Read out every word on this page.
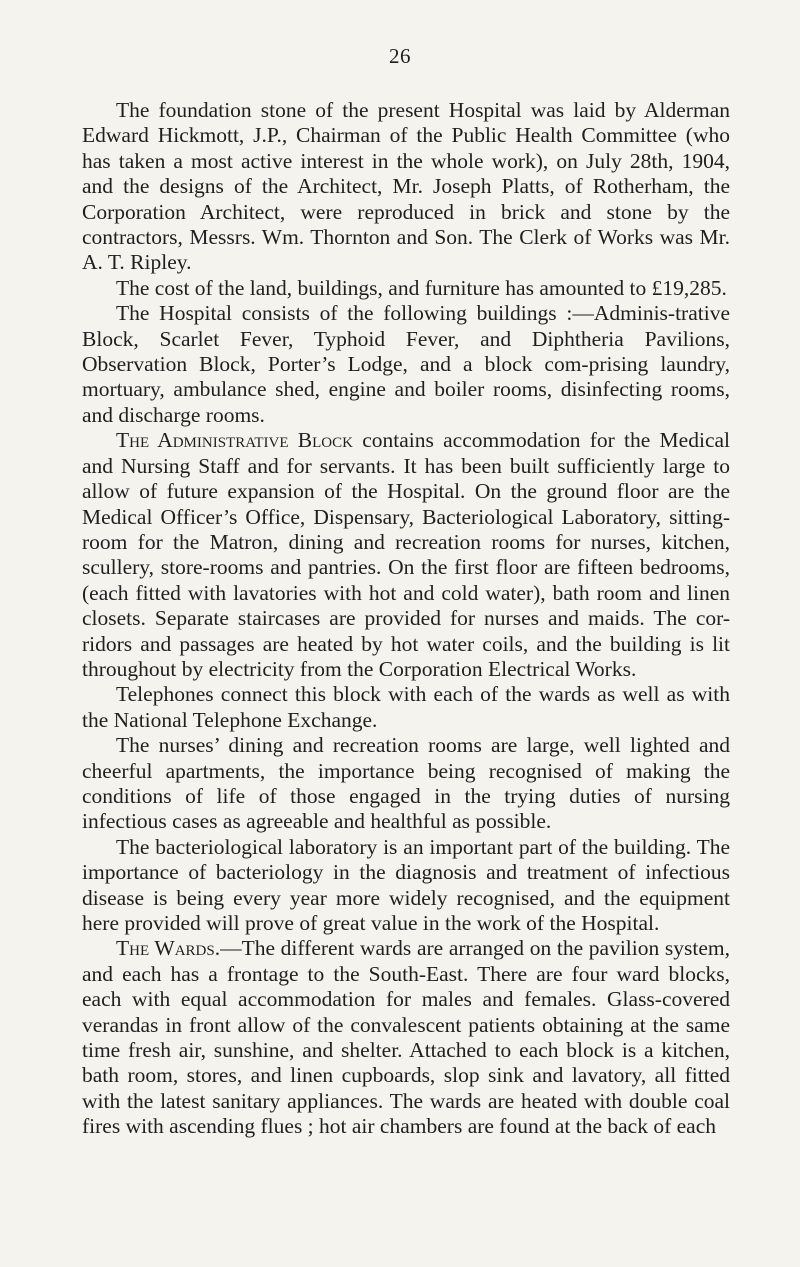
26

The foundation stone of the present Hospital was laid by Alderman Edward Hickmott, J.P., Chairman of the Public Health Committee (who has taken a most active interest in the whole work), on July 28th, 1904, and the designs of the Architect, Mr. Joseph Platts, of Rotherham, the Corporation Architect, were reproduced in brick and stone by the contractors, Messrs. Wm. Thornton and Son. The Clerk of Works was Mr. A. T. Ripley.

The cost of the land, buildings, and furniture has amounted to £19,285.

The Hospital consists of the following buildings :—Adminis-trative Block, Scarlet Fever, Typhoid Fever, and Diphtheria Pavilions, Observation Block, Porter’s Lodge, and a block com-prising laundry, mortuary, ambulance shed, engine and boiler rooms, disinfecting rooms, and discharge rooms.

The Administrative Block contains accommodation for the Medical and Nursing Staff and for servants. It has been built sufficiently large to allow of future expansion of the Hospital. On the ground floor are the Medical Officer’s Office, Dispensary, Bacteriological Laboratory, sitting-room for the Matron, dining and recreation rooms for nurses, kitchen, scullery, store-rooms and pantries. On the first floor are fifteen bedrooms, (each fitted with lavatories with hot and cold water), bath room and linen closets. Separate staircases are provided for nurses and maids. The cor-ridors and passages are heated by hot water coils, and the building is lit throughout by electricity from the Corporation Electrical Works.

Telephones connect this block with each of the wards as well as with the National Telephone Exchange.

The nurses’ dining and recreation rooms are large, well lighted and cheerful apartments, the importance being recognised of making the conditions of life of those engaged in the trying duties of nursing infectious cases as agreeable and healthful as possible.

The bacteriological laboratory is an important part of the building. The importance of bacteriology in the diagnosis and treatment of infectious disease is being every year more widely recognised, and the equipment here provided will prove of great value in the work of the Hospital.

The Wards.—The different wards are arranged on the pavilion system, and each has a frontage to the South-East. There are four ward blocks, each with equal accommodation for males and females. Glass-covered verandas in front allow of the convalescent patients obtaining at the same time fresh air, sunshine, and shelter. Attached to each block is a kitchen, bath room, stores, and linen cupboards, slop sink and lavatory, all fitted with the latest sanitary appliances. The wards are heated with double coal fires with ascending flues ; hot air chambers are found at the back of each
